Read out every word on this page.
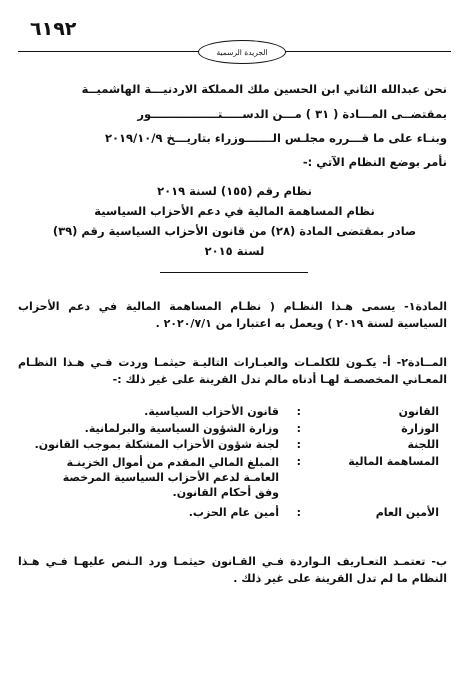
٦١٩٢
الجريدة الرسمية
نحن عبدالله الثاني ابن الحسين ملك المملكة الاردنيـــة الهاشميــة
بمقتضــى المـــادة ( ٣١ ) مـــن الدســـــتـــــــــــــــــور
وبنـاء على ما قـــرره مجلـس الـــــــوزراء بتاريـــخ ٢٠١٩/١٠/٩
نأمر بوضع النظام الآتي :-
نظام رقم (١٥٥) لسنة ٢٠١٩
نظام المساهمة المالية في دعم الأحزاب السياسية
صادر بمقتضى المادة (٢٨) من قانون الأحزاب السياسية رقم (٣٩)
لسنة ٢٠١٥
المادة١- يسمى هـذا النظـام ( نظـام المساهمة المالية في دعم الأحزاب السياسية لسنة ٢٠١٩ ) ويعمل به اعتبارا من ٢٠٢٠/٧/١ .
المــادة٢- أ- يكـون للكلمـات والعبـارات التاليـة حيثمـا وردت فـي هـذا النظـام المعـاني المخصصـة لهـا أدناه مالم تدل القرينة على غير ذلك :-
القانون
:
قانون الأحزاب السياسية.
الوزارة
:
وزارة الشؤون السياسية والبرلمانية.
اللجنة
:
لجنة شؤون الأحزاب المشكلة بموجب القانون.
المساهمة المالية
:
المبلغ المالي المقدم من أموال الخزينـة العامـة لدعم الأحزاب السياسية المرخصة وفق أحكام القانون.
الأمين العام
:
أمين عام الحزب.
ب- تعتمـد التعـاريف الـواردة فـي القـانون حيثمـا ورد الـنص عليهـا فـي هـذا النظام ما لم تدل القرينة على غير ذلك .
